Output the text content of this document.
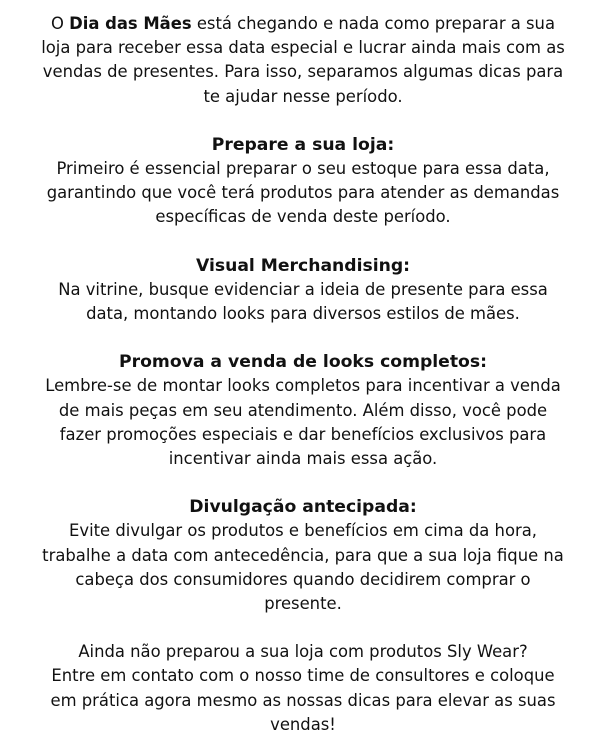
O Dia das Mães está chegando e nada como preparar a sua loja para receber essa data especial e lucrar ainda mais com as vendas de presentes. Para isso, separamos algumas dicas para te ajudar nesse período.

Prepare a sua loja:
Primeiro é essencial preparar o seu estoque para essa data, garantindo que você terá produtos para atender as demandas específicas de venda deste período.
Visual Merchandising:
Na vitrine, busque evidenciar a ideia de presente para essa data, montando looks para diversos estilos de mães.
Promova a venda de looks completos:
Lembre-se de montar looks completos para incentivar a venda de mais peças em seu atendimento. Além disso, você pode fazer promoções especiais e dar benefícios exclusivos para incentivar ainda mais essa ação.
Divulgação antecipada:
Evite divulgar os produtos e benefícios em cima da hora, trabalhe a data com antecedência, para que a sua loja fique na cabeça dos consumidores quando decidirem comprar o presente.

Ainda não preparou a sua loja com produtos Sly Wear?

Entre em contato com o nosso time de consultores e coloque em prática agora mesmo as nossas dicas para elevar as suas vendas!
